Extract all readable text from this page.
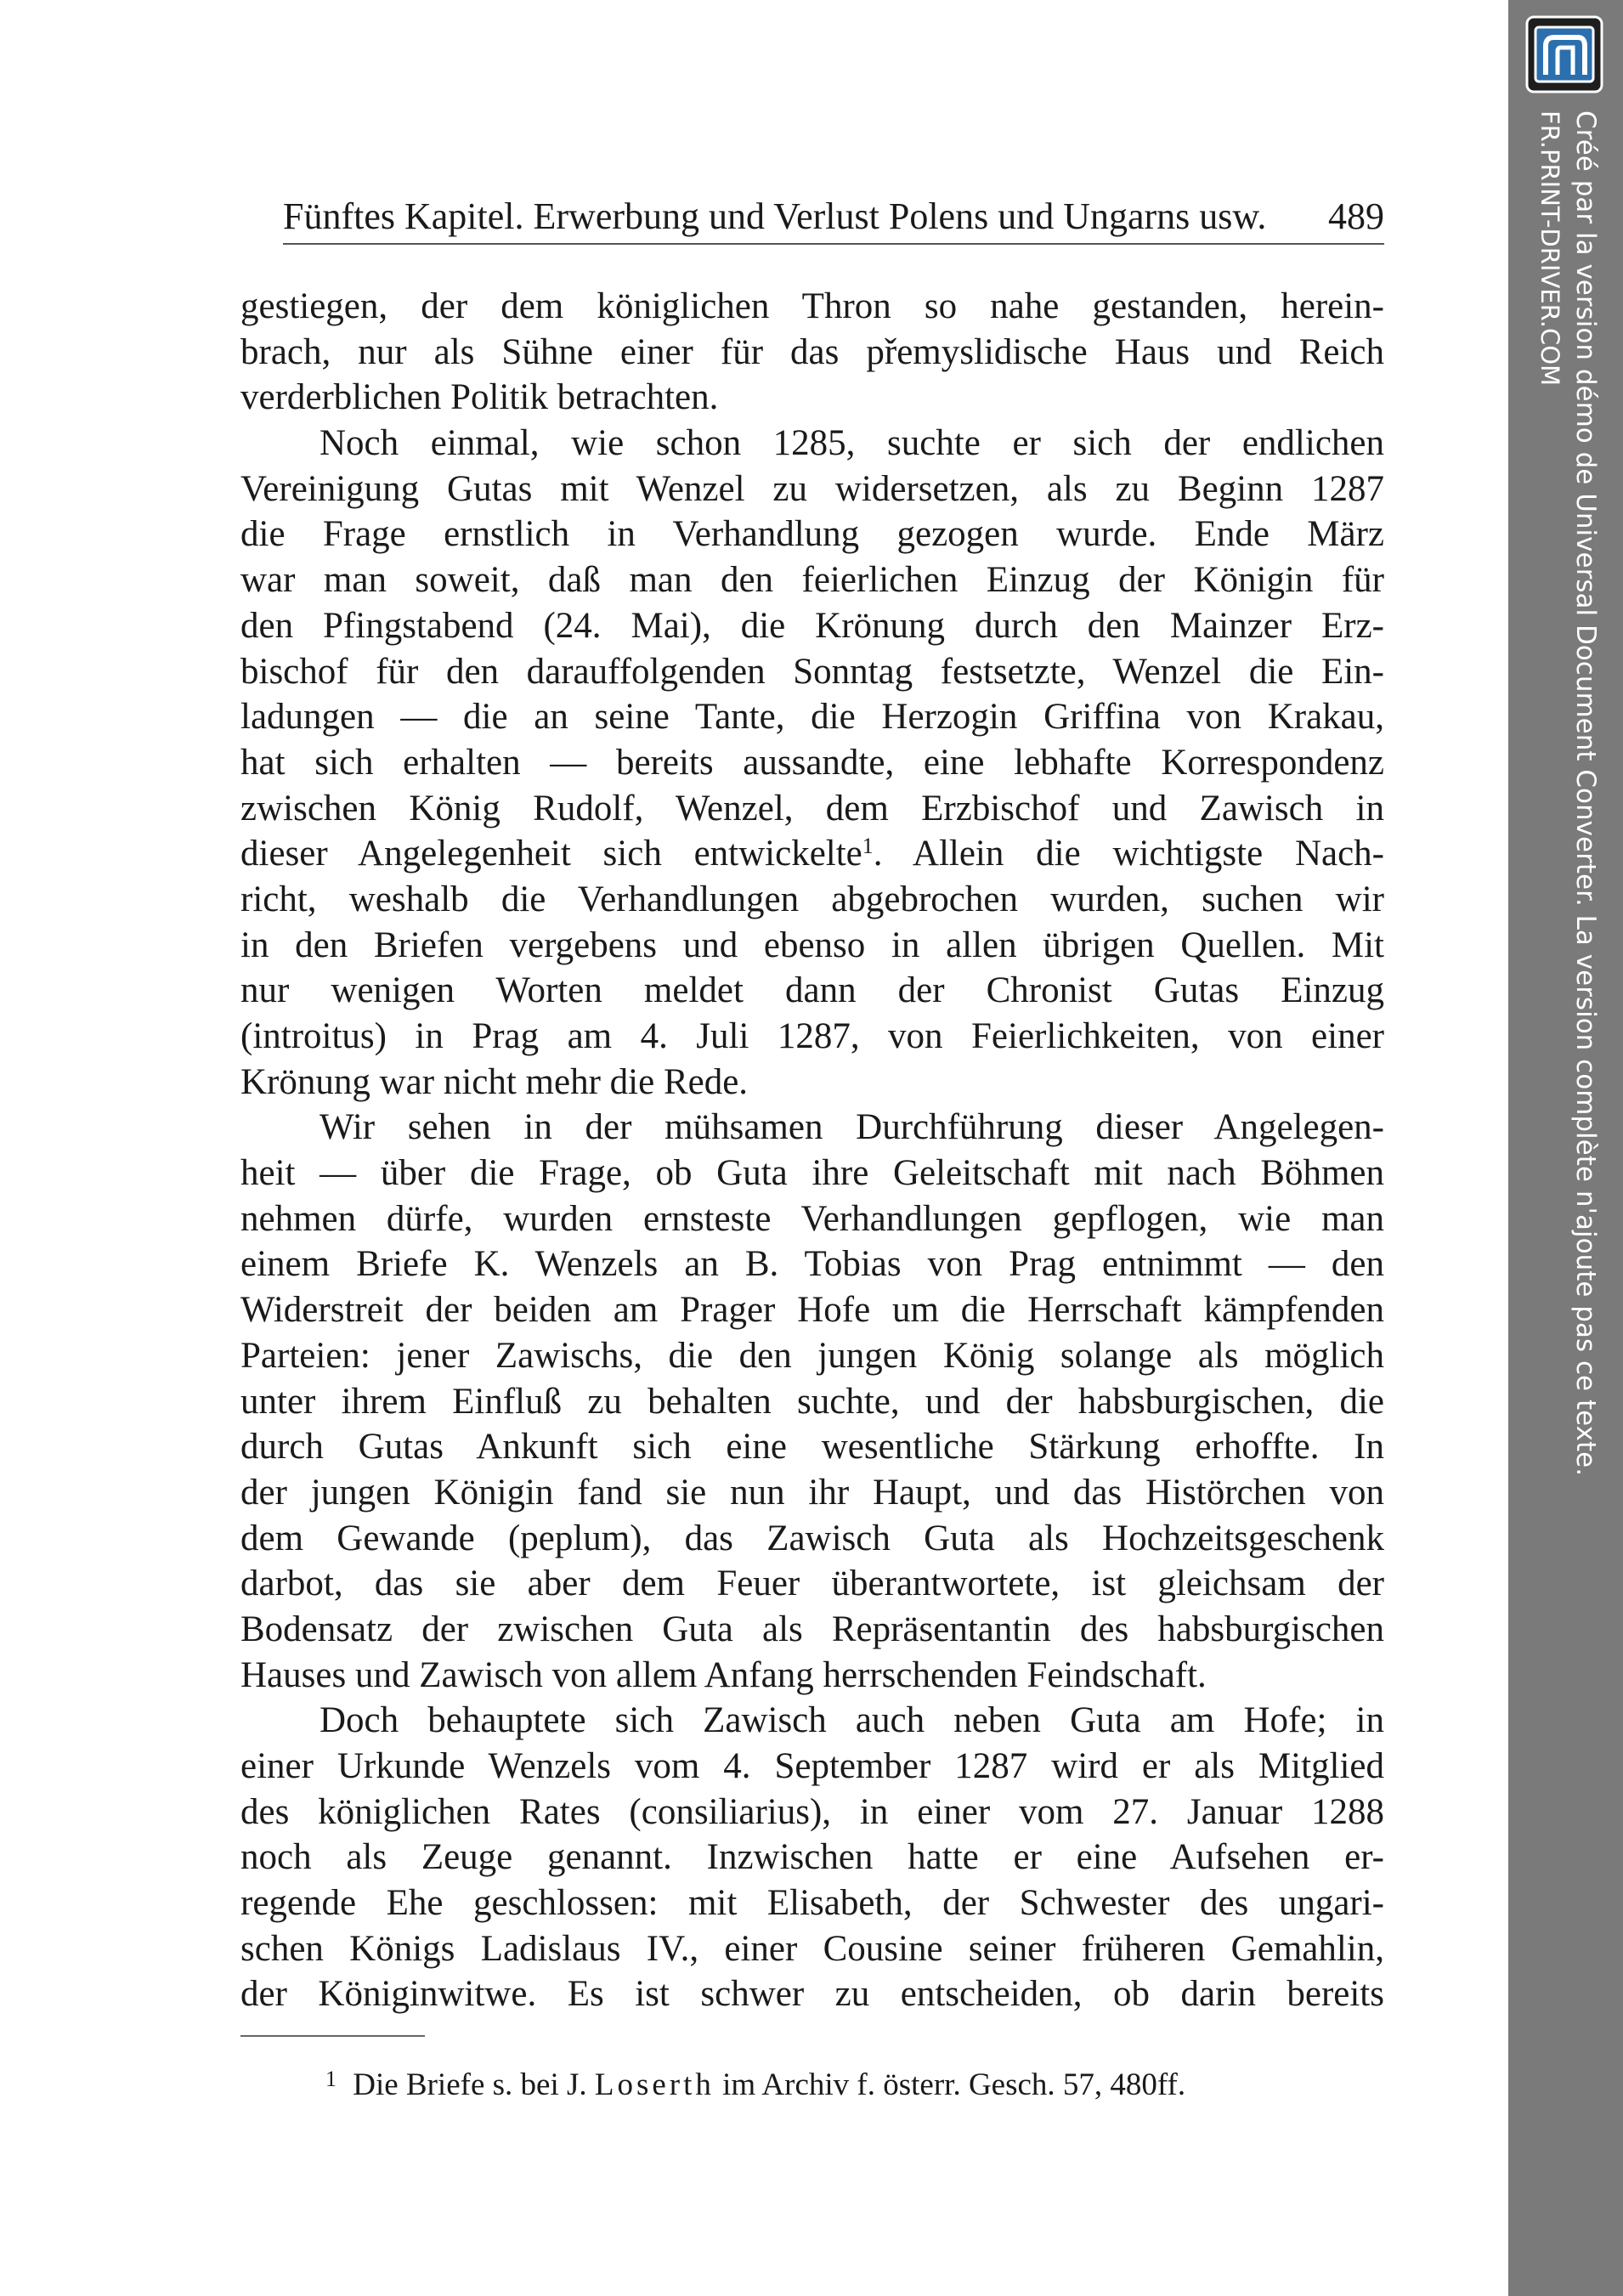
Fünftes Kapitel. Erwerbung und Verlust Polens und Ungarns usw. 489
gestiegen, der dem königlichen Thron so nahe gestanden, herein-
brach, nur als Sühne einer für das přemyslidische Haus und Reich
verderblichen Politik betrachten.
Noch einmal, wie schon 1285, suchte er sich der endlichen
Vereinigung Gutas mit Wenzel zu widersetzen, als zu Beginn 1287
die Frage ernstlich in Verhandlung gezogen wurde. Ende März
war man soweit, daß man den feierlichen Einzug der Königin für
den Pfingstabend (24. Mai), die Krönung durch den Mainzer Erz-
bischof für den darauffolgenden Sonntag festsetzte, Wenzel die Ein-
ladungen — die an seine Tante, die Herzogin Griffina von Krakau,
hat sich erhalten — bereits aussandte, eine lebhafte Korrespondenz
zwischen König Rudolf, Wenzel, dem Erzbischof und Zawisch in
dieser Angelegenheit sich entwickelte$^1$. Allein die wichtigste Nach-
richt, weshalb die Verhandlungen abgebrochen wurden, suchen wir
in den Briefen vergebens und ebenso in allen übrigen Quellen. Mit
nur wenigen Worten meldet dann der Chronist Gutas Einzug
(introitus) in Prag am 4. Juli 1287, von Feierlichkeiten, von einer
Krönung war nicht mehr die Rede.
Wir sehen in der mühsamen Durchführung dieser Angelegen-
heit — über die Frage, ob Guta ihre Geleitschaft mit nach Böhmen
nehmen dürfe, wurden ernsteste Verhandlungen gepflogen, wie man
einem Briefe K. Wenzels an B. Tobias von Prag entnimmt — den
Widerstreit der beiden am Prager Hofe um die Herrschaft kämpfenden
Parteien: jener Zawischs, die den jungen König solange als möglich
unter ihrem Einfluß zu behalten suchte, und der habsburgischen, die
durch Gutas Ankunft sich eine wesentliche Stärkung erhoffte. In
der jungen Königin fand sie nun ihr Haupt, und das Histörchen von
dem Gewande (peplum), das Zawisch Guta als Hochzeitsgeschenk
darbot, das sie aber dem Feuer überantwortete, ist gleichsam der
Bodensatz der zwischen Guta als Repräsentantin des habsburgischen
Hauses und Zawisch von allem Anfang herrschenden Feindschaft.
Doch behauptete sich Zawisch auch neben Guta am Hofe; in
einer Urkunde Wenzels vom 4. September 1287 wird er als Mitglied
des königlichen Rates (consiliarius), in einer vom 27. Januar 1288
noch als Zeuge genannt. Inzwischen hatte er eine Aufsehen er-
regende Ehe geschlossen: mit Elisabeth, der Schwester des ungari-
schen Königs Ladislaus IV., einer Cousine seiner früheren Gemahlin,
der Königinwitwe. Es ist schwer zu entscheiden, ob darin bereits
$^1$ Die Briefe s. bei J. Loserth im Archiv f. österr. Gesch. 57, 480ff.
Créé par la version démo de Universal Document Converter. La version complète n'ajoute pas ce texte.
FR.PRINT-DRIVER.COM
